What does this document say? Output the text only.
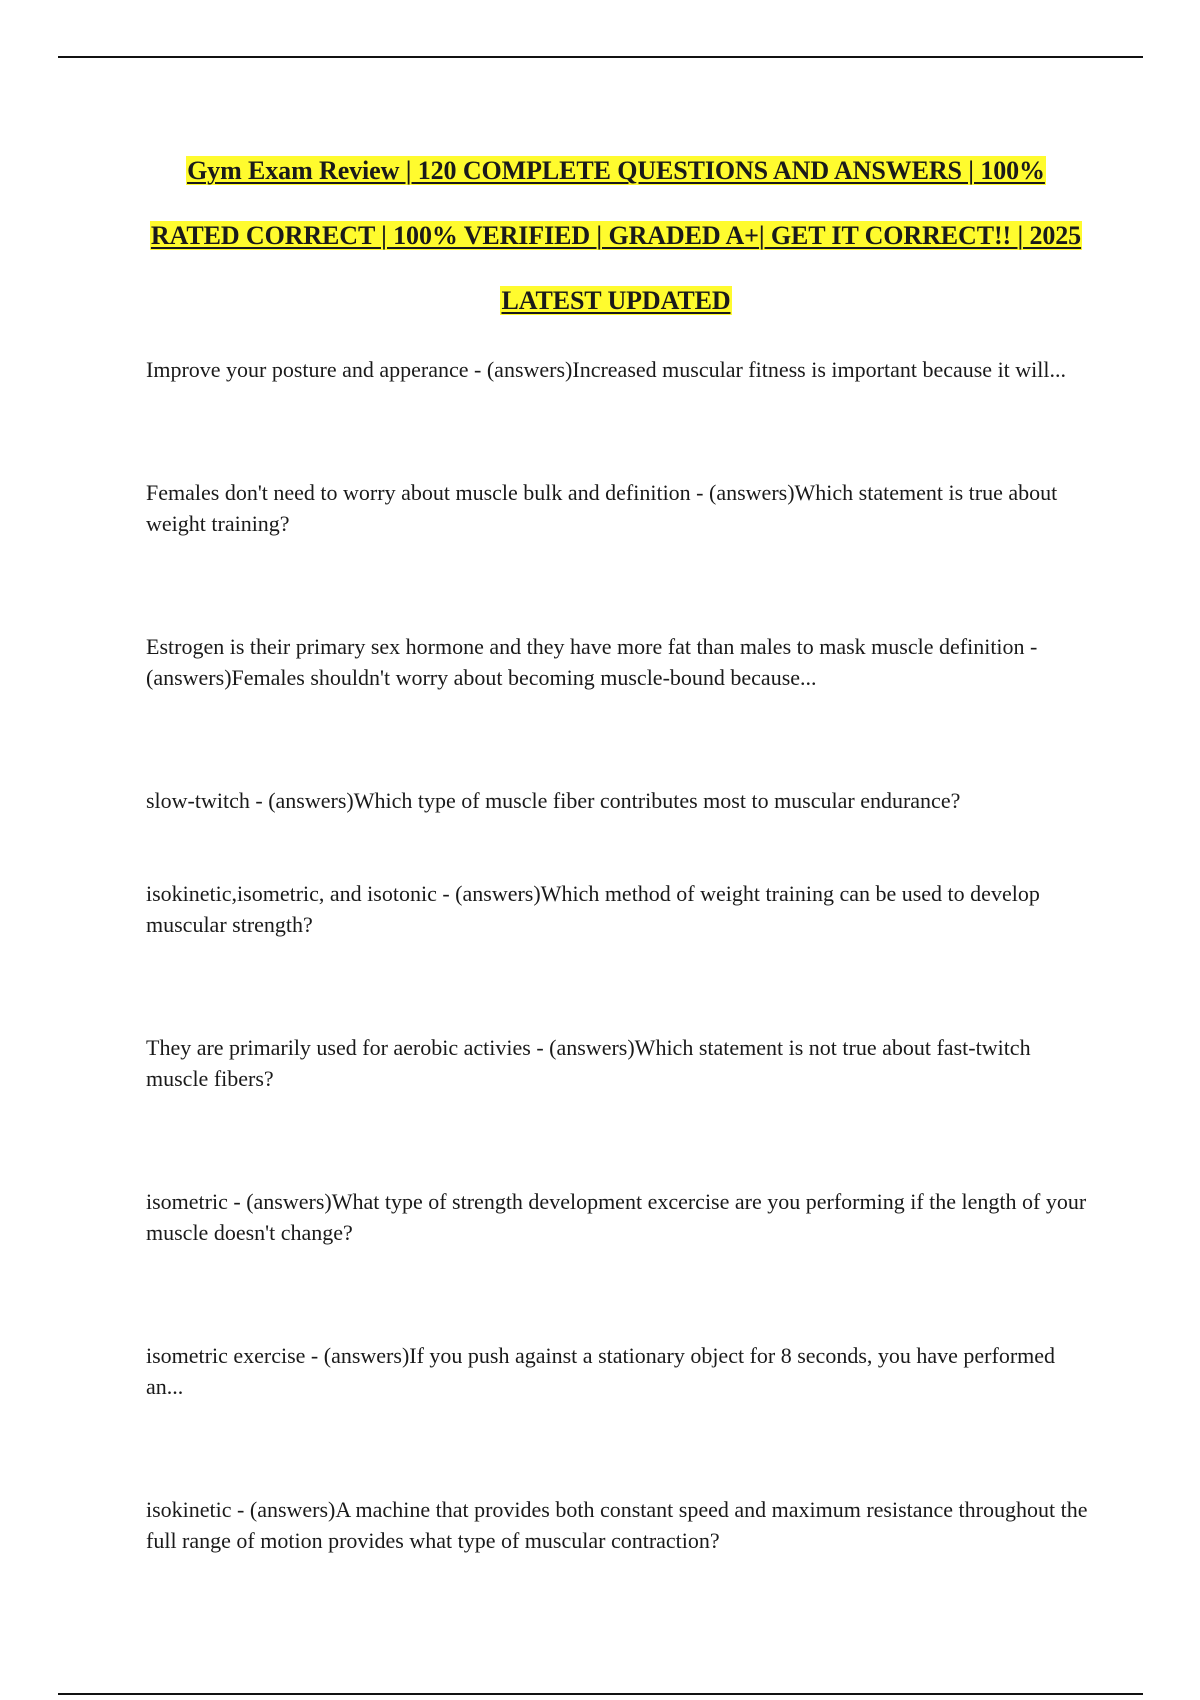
Gym Exam Review | 120 COMPLETE QUESTIONS AND ANSWERS | 100% RATED CORRECT | 100% VERIFIED | GRADED A+| GET IT CORRECT!! | 2025 LATEST UPDATED

Improve your posture and apperance - (answers)Increased muscular fitness is important because it will...

Females don't need to worry about muscle bulk and definition - (answers)Which statement is true about weight training?

Estrogen is their primary sex hormone and they have more fat than males to mask muscle definition - (answers)Females shouldn't worry about becoming muscle-bound because...

slow-twitch - (answers)Which type of muscle fiber contributes most to muscular endurance?

isokinetic,isometric, and isotonic - (answers)Which method of weight training can be used to develop muscular strength?

They are primarily used for aerobic activies - (answers)Which statement is not true about fast-twitch muscle fibers?

isometric - (answers)What type of strength development excercise are you performing if the length of your muscle doesn't change?

isometric exercise - (answers)If you push against a stationary object for 8 seconds, you have performed an...

isokinetic - (answers)A machine that provides both constant speed and maximum resistance throughout the full range of motion provides what type of muscular contraction?
